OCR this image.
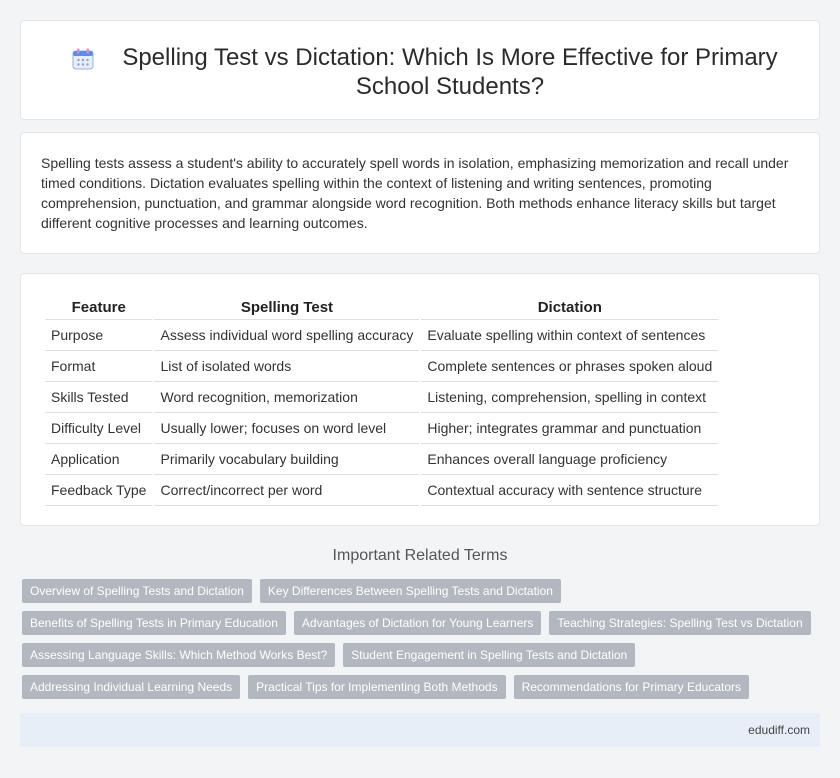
Spelling Test vs Dictation: Which Is More Effective for Primary School Students?

Spelling tests assess a student's ability to accurately spell words in isolation, emphasizing memorization and recall under timed conditions. Dictation evaluates spelling within the context of listening and writing sentences, promoting comprehension, punctuation, and grammar alongside word recognition. Both methods enhance literacy skills but target different cognitive processes and learning outcomes.

Feature	Spelling Test	Dictation
Purpose	Assess individual word spelling accuracy	Evaluate spelling within context of sentences
Format	List of isolated words	Complete sentences or phrases spoken aloud
Skills Tested	Word recognition, memorization	Listening, comprehension, spelling in context
Difficulty Level	Usually lower; focuses on word level	Higher; integrates grammar and punctuation
Application	Primarily vocabulary building	Enhances overall language proficiency
Feedback Type	Correct/incorrect per word	Contextual accuracy with sentence structure
Important Related Terms
Overview of Spelling Tests and Dictation	Key Differences Between Spelling Tests and Dictation
Benefits of Spelling Tests in Primary Education	Advantages of Dictation for Young Learners	Teaching Strategies: Spelling Test vs Dictation
Assessing Language Skills: Which Method Works Best?	Student Engagement in Spelling Tests and Dictation
Addressing Individual Learning Needs	Practical Tips for Implementing Both Methods	Recommendations for Primary Educators
edudiff.com
